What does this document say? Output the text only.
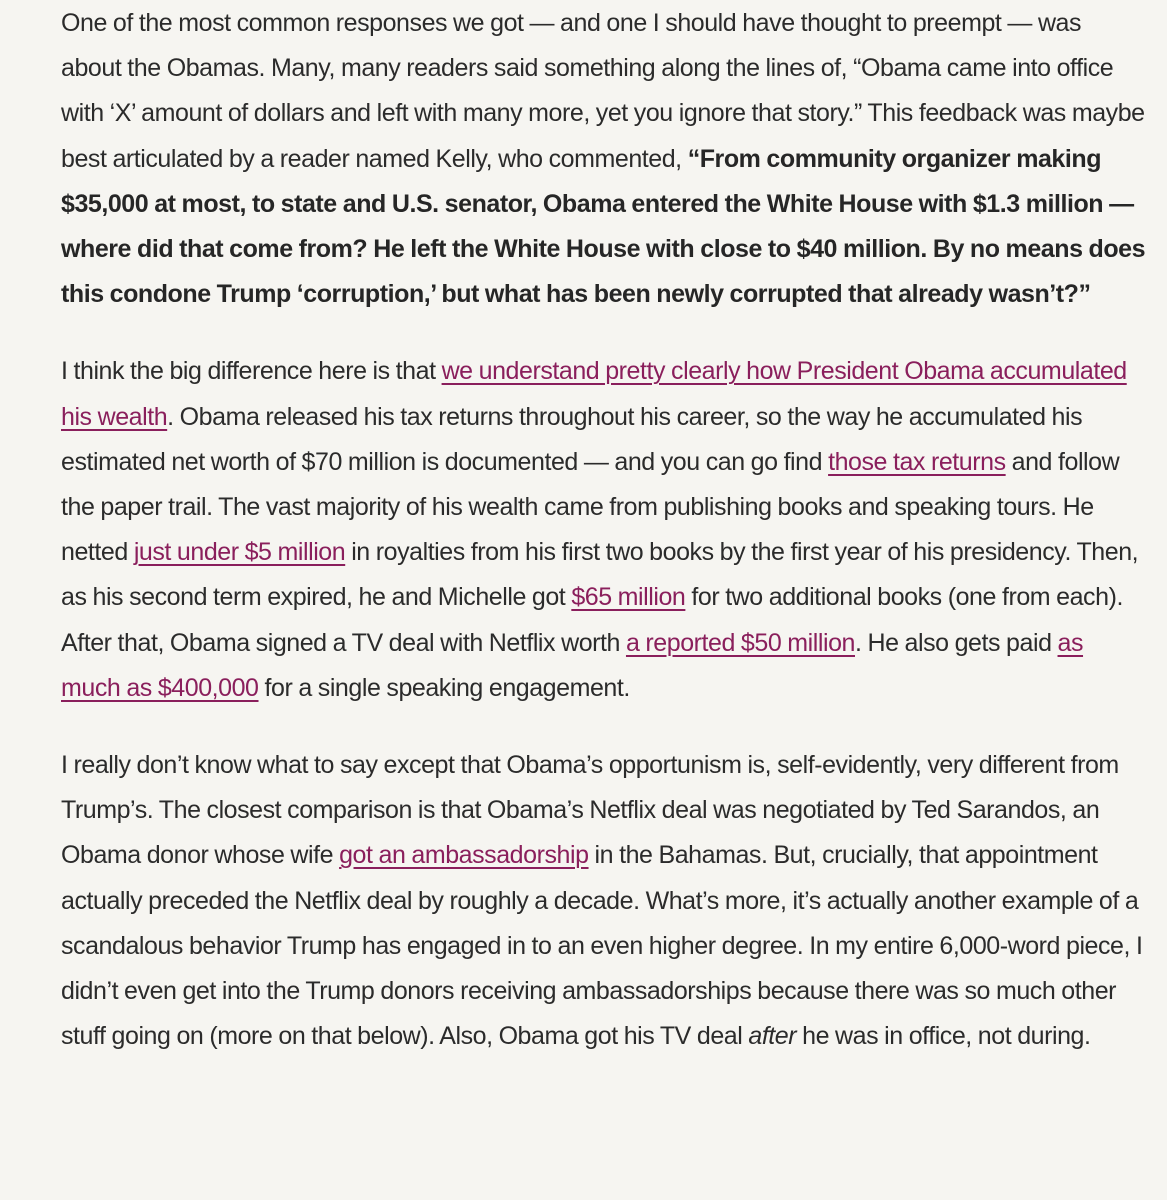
One of the most common responses we got — and one I should have thought to preempt — was about the Obamas. Many, many readers said something along the lines of, “Obama came into office with ‘X’ amount of dollars and left with many more, yet you ignore that story.” This feedback was maybe best articulated by a reader named Kelly, who commented, “From community organizer making $35,000 at most, to state and U.S. senator, Obama entered the White House with $1.3 million — where did that come from? He left the White House with close to $40 million. By no means does this condone Trump ‘corruption,’ but what has been newly corrupted that already wasn’t?”

I think the big difference here is that we understand pretty clearly how President Obama accumulated his wealth. Obama released his tax returns throughout his career, so the way he accumulated his estimated net worth of $70 million is documented — and you can go find those tax returns and follow the paper trail. The vast majority of his wealth came from publishing books and speaking tours. He netted just under $5 million in royalties from his first two books by the first year of his presidency. Then, as his second term expired, he and Michelle got $65 million for two additional books (one from each). After that, Obama signed a TV deal with Netflix worth a reported $50 million. He also gets paid as much as $400,000 for a single speaking engagement.

I really don’t know what to say except that Obama’s opportunism is, self-evidently, very different from Trump’s. The closest comparison is that Obama’s Netflix deal was negotiated by Ted Sarandos, an Obama donor whose wife got an ambassadorship in the Bahamas. But, crucially, that appointment actually preceded the Netflix deal by roughly a decade. What’s more, it’s actually another example of a scandalous behavior Trump has engaged in to an even higher degree. In my entire 6,000-word piece, I didn’t even get into the Trump donors receiving ambassadorships because there was so much other stuff going on (more on that below). Also, Obama got his TV deal after he was in office, not during.
